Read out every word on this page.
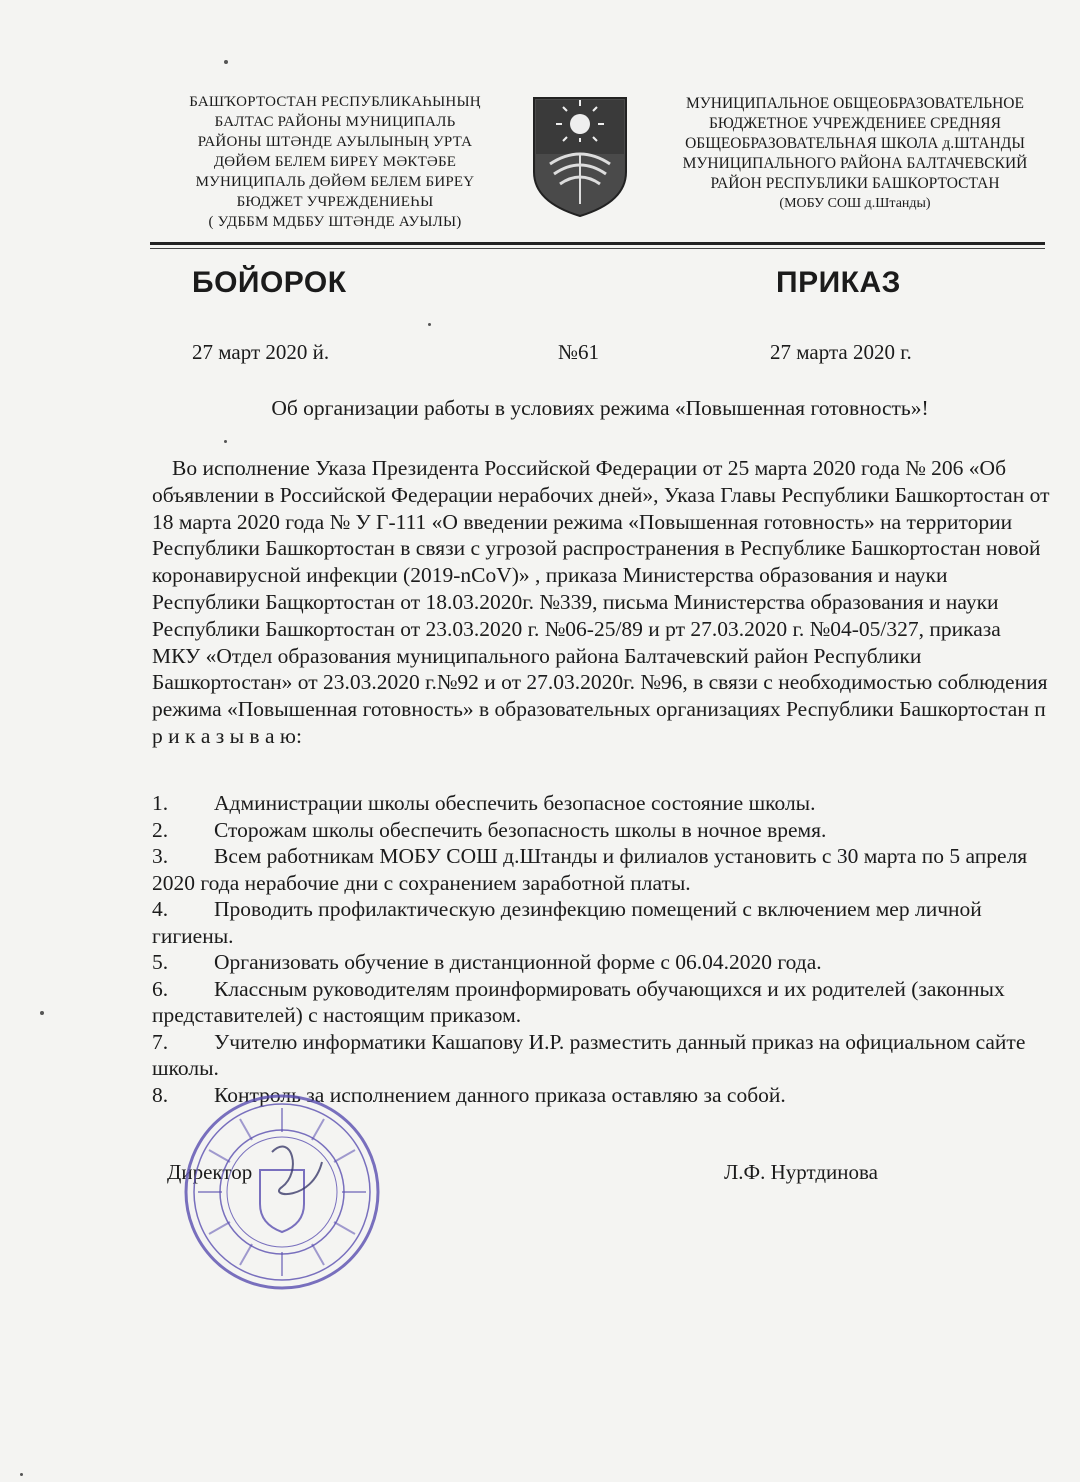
БАШҠОРТОСТАН РЕСПУБЛИКАҺЫНЫҢ
БАЛТАС РАЙОНЫ МУНИЦИПАЛЬ
РАЙОНЫ ШТӘНДЕ АУЫЛЫНЫҢ УРТА
ДӨЙӨМ БЕЛЕМ БИРЕҮ МӘКТӘБЕ
МУНИЦИПАЛЬ ДӨЙӨМ БЕЛЕМ БИРЕҮ
БЮДЖЕТ УЧРЕЖДЕНИЕҺЫ
( УДББМ МДББУ ШТӘНДЕ АУЫЛЫ)
МУНИЦИПАЛЬНОЕ ОБЩЕОБРАЗОВАТЕЛЬНОЕ
БЮДЖЕТНОЕ УЧРЕЖДЕНИЕЕ СРЕДНЯЯ
ОБЩЕОБРАЗОВАТЕЛЬНАЯ ШКОЛА д.ШТАНДЫ
МУНИЦИПАЛЬНОГО РАЙОНА БАЛТАЧЕВСКИЙ
РАЙОН РЕСПУБЛИКИ БАШКОРТОСТАН
(МОБУ СОШ д.Штанды)
БОЙОРОК	ПРИКАЗ
27 март 2020 й.	№61	27 марта 2020 г.
Об организации работы в условиях режима «Повышенная готовность»!
Во исполнение Указа Президента Российской Федерации от 25 марта 2020 года № 206 «Об объявлении в Российской Федерации нерабочих дней», Указа Главы Республики Башкортостан от 18 марта 2020 года № У Г-111 «О введении режима «Повышенная готовность» на территории Республики Башкортостан в связи с угрозой распространения в Республике Башкортостан новой коронавирусной инфекции (2019-nCoV)» , приказа Министерства образования и науки Республики Бащкортостан от 18.03.2020г. №339, письма Министерства образования и науки Республики Башкортостан от 23.03.2020 г. №06-25/89 и рт 27.03.2020 г. №04-05/327, приказа МКУ «Отдел образования муниципального района Балтачевский район Республики Башкортостан» от 23.03.2020 г.№92 и от 27.03.2020г. №96, в связи с необходимостью соблюдения режима «Повышенная готовность» в образовательных организациях Республики Башкортостан п р и к а з ы в а ю:

1. Администрации школы обеспечить безопасное состояние школы.

2. Сторожам школы обеспечить безопасность школы в ночное время.

3. Всем работникам МОБУ СОШ д.Штанды и филиалов установить с 30 марта по 5 апреля 2020 года нерабочие дни с сохранением заработной платы.

4. Проводить профилактическую дезинфекцию помещений с включением мер личной гигиены.

5. Организовать обучение в дистанционной форме с 06.04.2020 года.

6. Классным руководителям проинформировать обучающихся и их родителей (законных представителей) с настоящим приказом.

7. Учителю информатики Кашапову И.Р. разместить данный приказ на официальном сайте школы.

8. Контроль за исполнением данного приказа оставляю за собой.

Директор	Л.Ф. Нуртдинова
